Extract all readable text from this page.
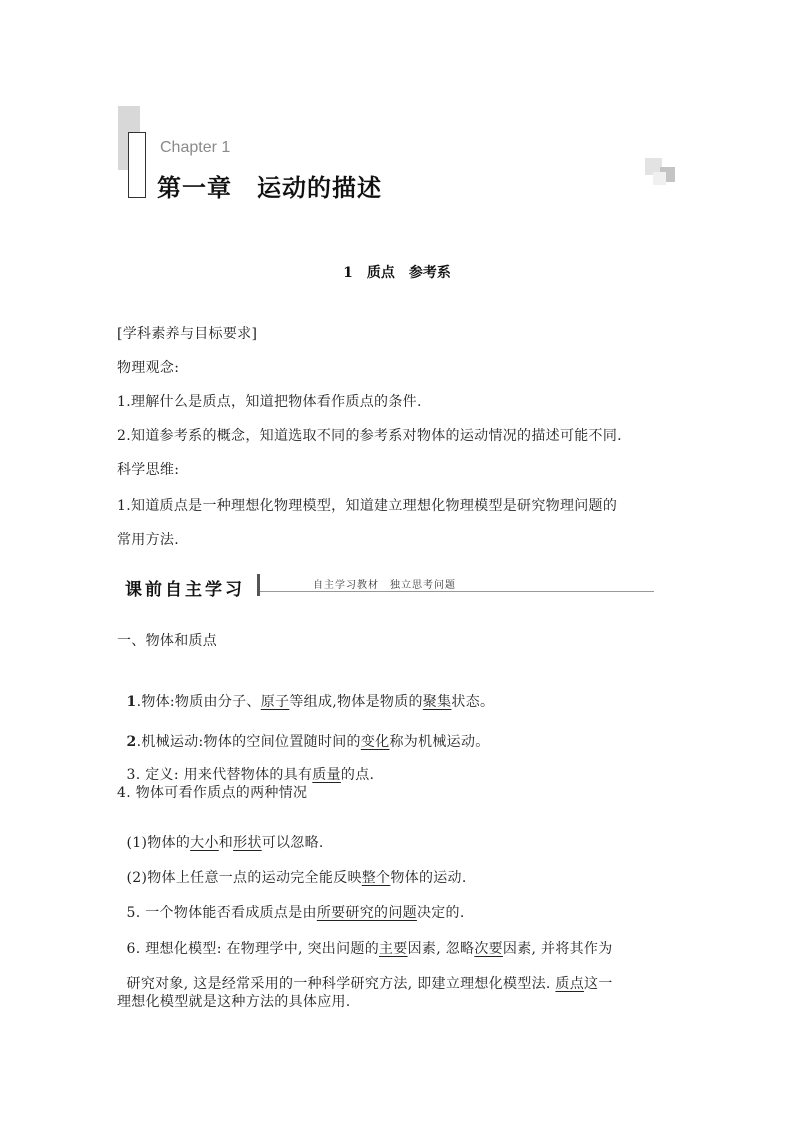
Chapter 1
第一章　运动的描述
1　质点　参考系
[学科素养与目标要求]
物理观念:
1.理解什么是质点，知道把物体看作质点的条件.
2.知道参考系的概念，知道选取不同的参考系对物体的运动情况的描述可能不同.
科学思维:
1.知道质点是一种理想化物理模型，知道建立理想化物理模型是研究物理问题的
常用方法.
课前自主学习	自主学习教材　独立思考问题
一、物体和质点

1.物体:物质由分子、原子等组成,物体是物质的聚集状态。

2.机械运动:物体的空间位置随时间的变化称为机械运动。

3. 定义: 用来代替物体的具有质量的点.

4. 物体可看作质点的两种情况

(1)物体的大小和形状可以忽略.

(2)物体上任意一点的运动完全能反映整个物体的运动.

5. 一个物体能否看成质点是由所要研究的问题决定的.

6. 理想化模型: 在物理学中, 突出问题的主要因素, 忽略次要因素, 并将其作为

研究对象, 这是经常采用的一种科学研究方法, 即建立理想化模型法. 质点这一

理想化模型就是这种方法的具体应用.
